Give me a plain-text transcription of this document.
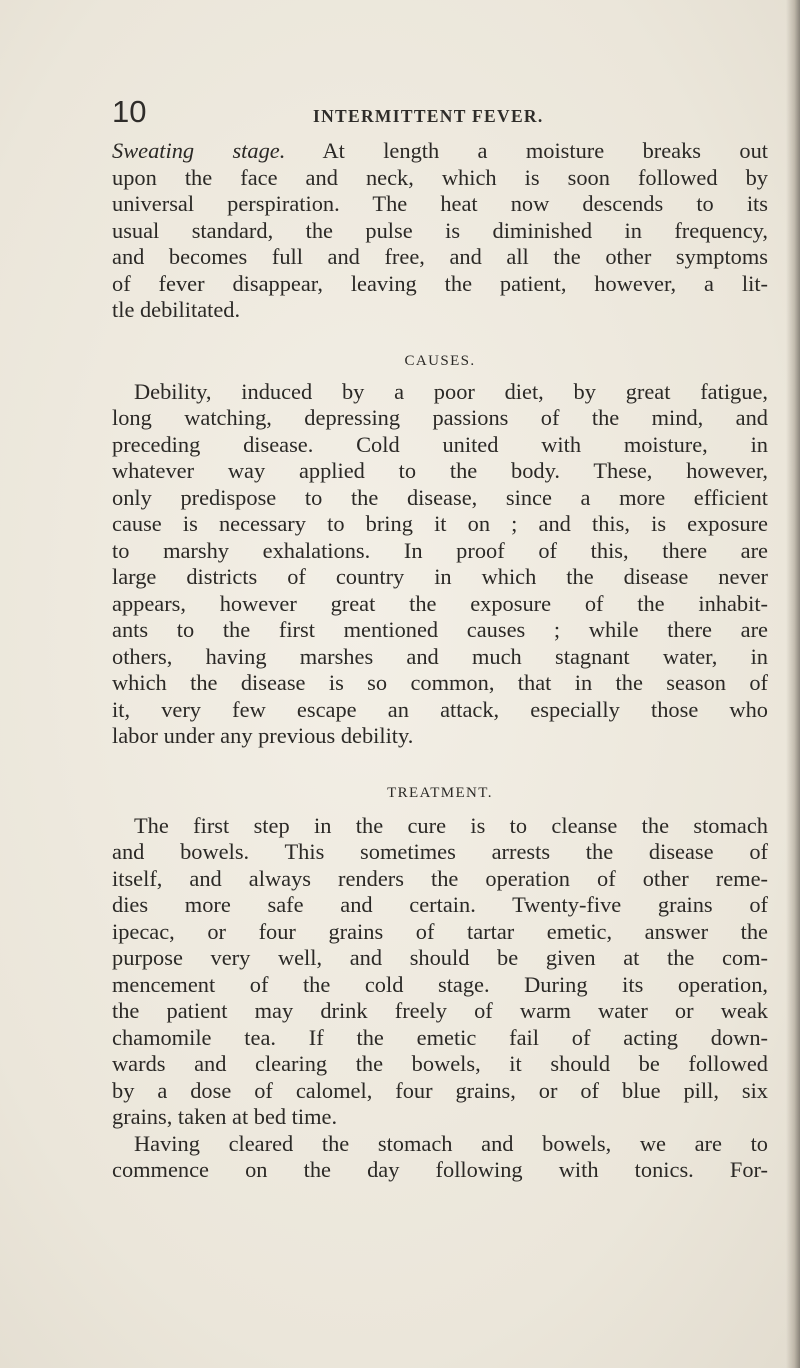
10	INTERMITTENT FEVER.
Sweating stage. At length a moisture breaks out
upon the face and neck, which is soon followed by
universal perspiration. The heat now descends to its
usual standard, the pulse is diminished in frequency,
and becomes full and free, and all the other symptoms
of fever disappear, leaving the patient, however, a lit-
tle debilitated.
CAUSES.
Debility, induced by a poor diet, by great fatigue,
long watching, depressing passions of the mind, and
preceding disease. Cold united with moisture, in
whatever way applied to the body. These, however,
only predispose to the disease, since a more efficient
cause is necessary to bring it on ; and this, is exposure
to marshy exhalations. In proof of this, there are
large districts of country in which the disease never
appears, however great the exposure of the inhabit-
ants to the first mentioned causes ; while there are
others, having marshes and much stagnant water, in
which the disease is so common, that in the season of
it, very few escape an attack, especially those who
labor under any previous debility.
TREATMENT.
The first step in the cure is to cleanse the stomach
and bowels. This sometimes arrests the disease of
itself, and always renders the operation of other reme-
dies more safe and certain. Twenty-five grains of
ipecac, or four grains of tartar emetic, answer the
purpose very well, and should be given at the com-
mencement of the cold stage. During its operation,
the patient may drink freely of warm water or weak
chamomile tea. If the emetic fail of acting down-
wards and clearing the bowels, it should be followed
by a dose of calomel, four grains, or of blue pill, six
grains, taken at bed time.
Having cleared the stomach and bowels, we are to
commence on the day following with tonics. For-
